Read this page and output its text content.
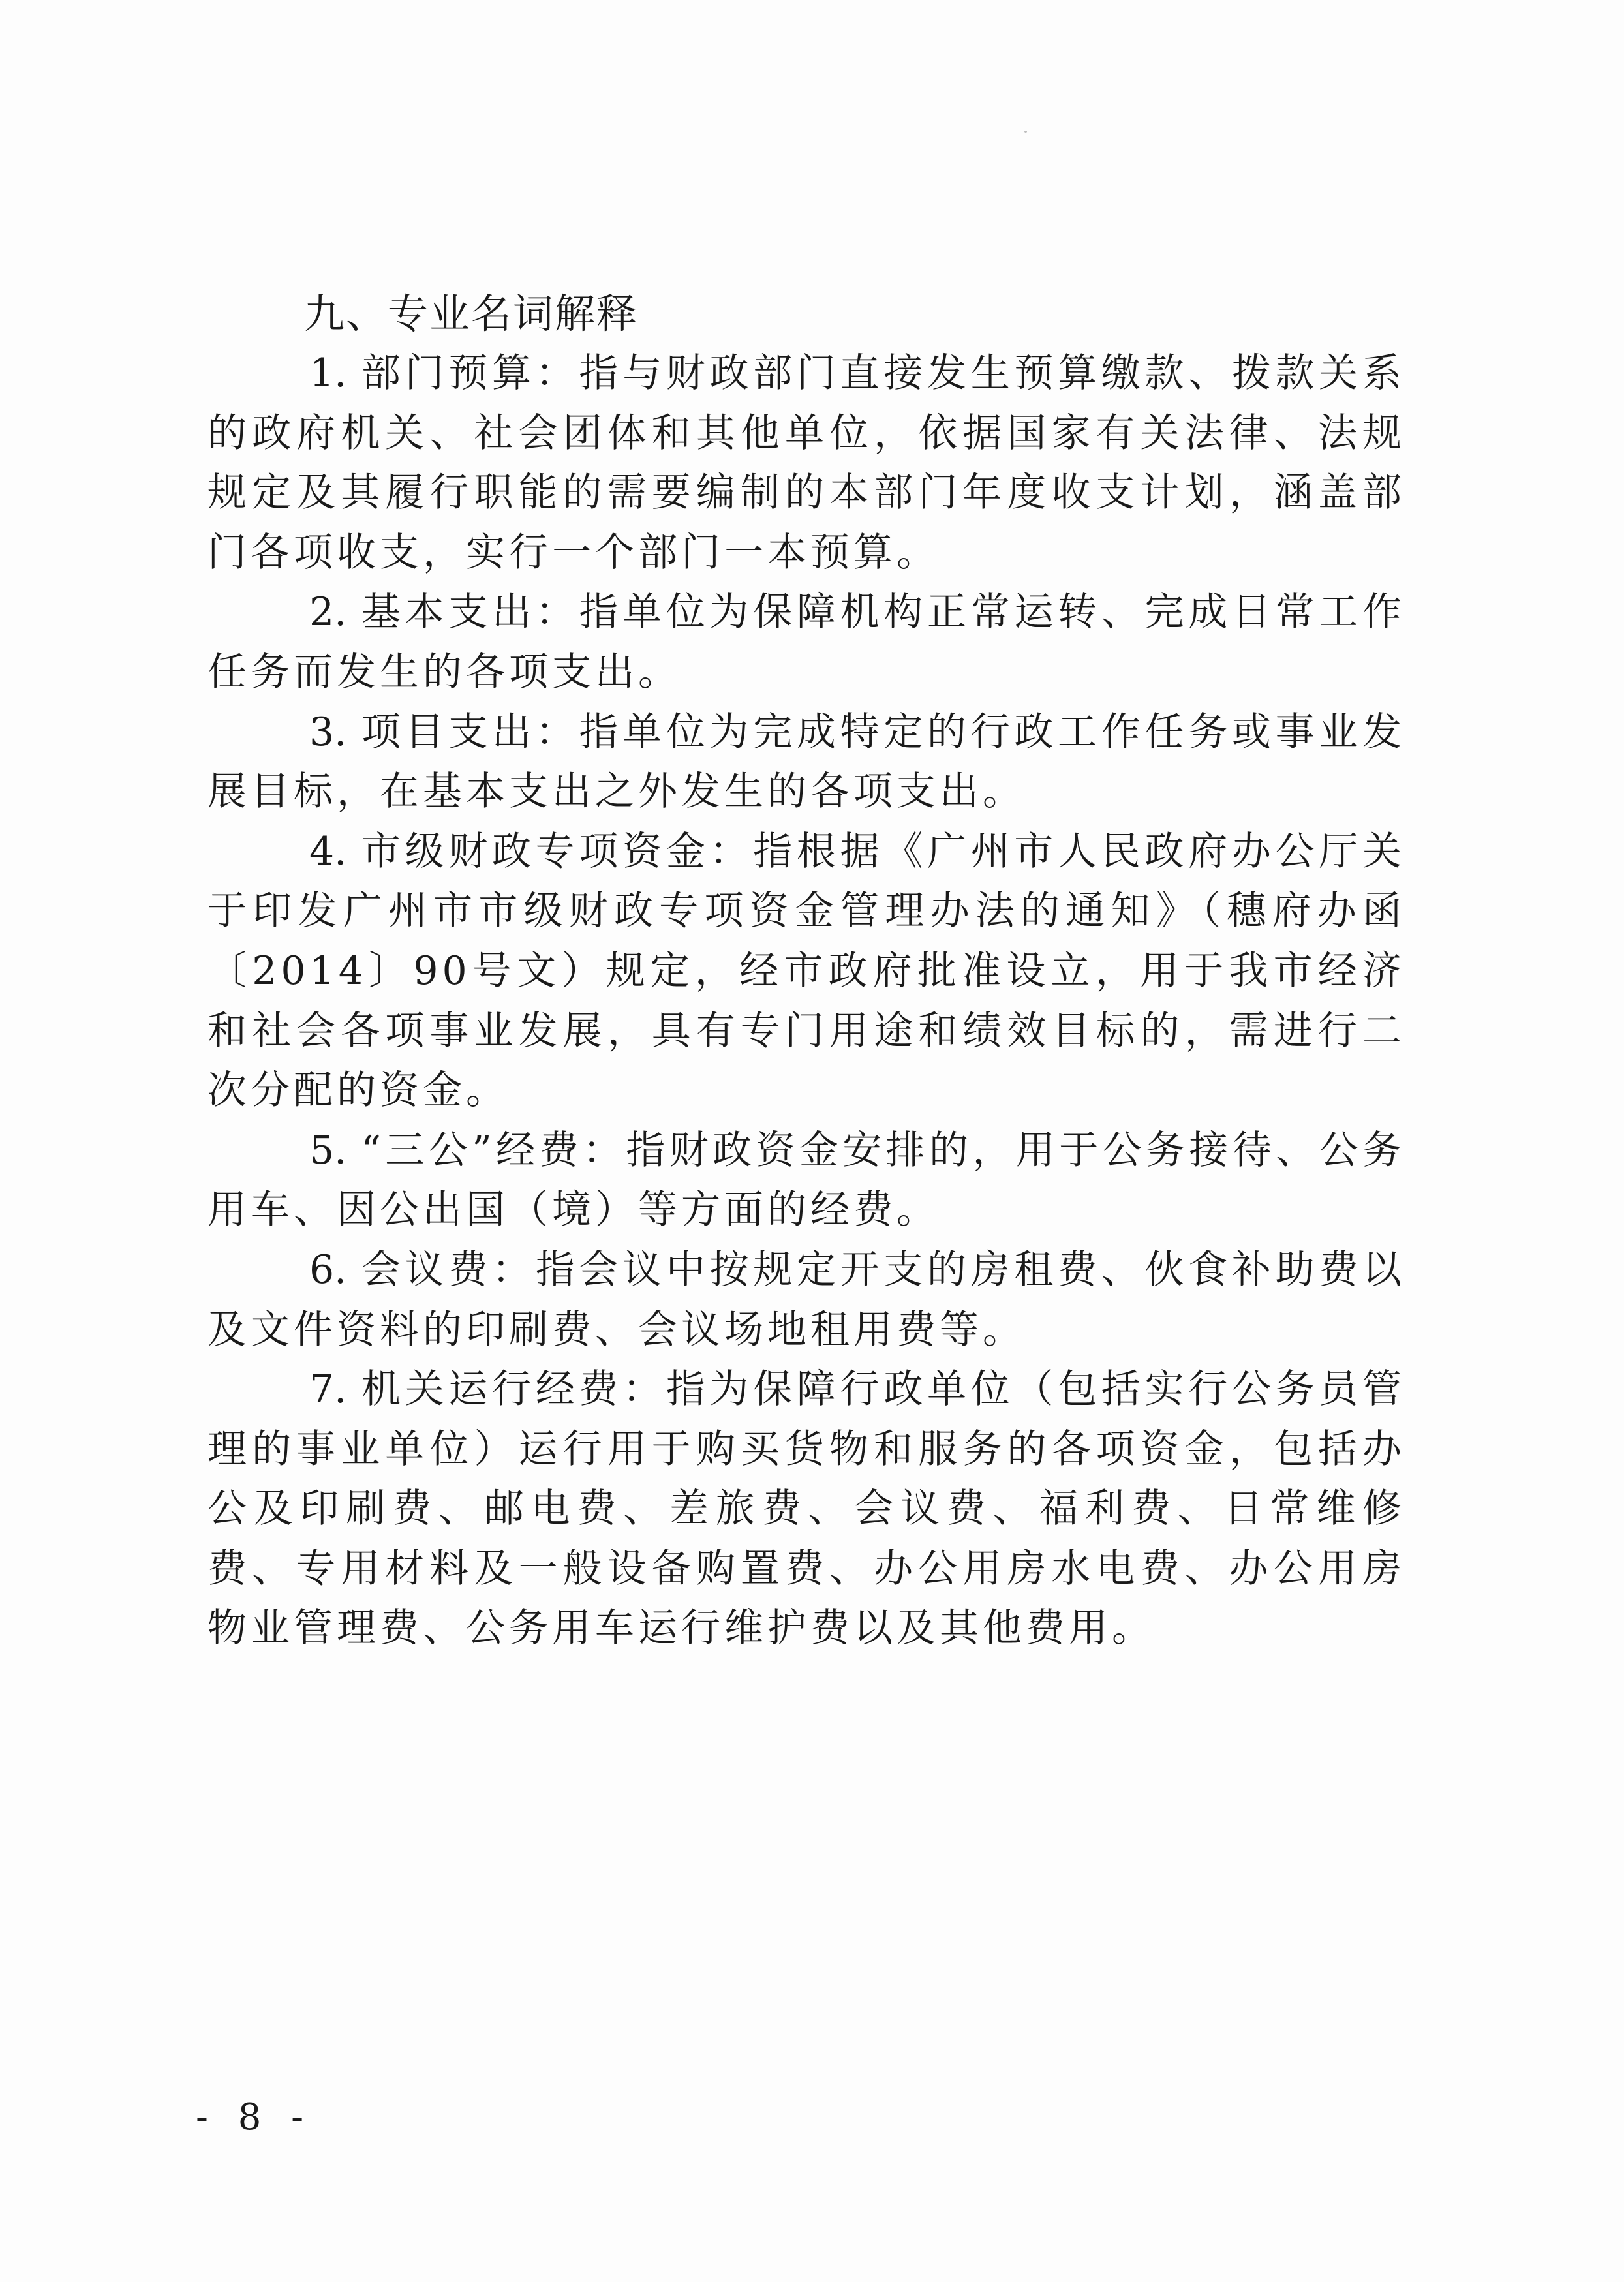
九、专业名词解释

1. 部门预算：指与财政部门直接发生预算缴款、拨款关系的政府机关、社会团体和其他单位，依据国家有关法律、法规规定及其履行职能的需要编制的本部门年度收支计划，涵盖部门各项收支，实行一个部门一本预算。

2. 基本支出：指单位为保障机构正常运转、完成日常工作任务而发生的各项支出。

3. 项目支出：指单位为完成特定的行政工作任务或事业发展目标，在基本支出之外发生的各项支出。

4. 市级财政专项资金：指根据《广州市人民政府办公厅关于印发广州市市级财政专项资金管理办法的通知》（穗府办函〔2014〕90号文）规定，经市政府批准设立，用于我市经济和社会各项事业发展，具有专门用途和绩效目标的，需进行二次分配的资金。

5. “三公”经费：指财政资金安排的，用于公务接待、公务用车、因公出国（境）等方面的经费。

6. 会议费：指会议中按规定开支的房租费、伙食补助费以及文件资料的印刷费、会议场地租用费等。

7. 机关运行经费：指为保障行政单位（包括实行公务员管理的事业单位）运行用于购买货物和服务的各项资金，包括办公及印刷费、邮电费、差旅费、会议费、福利费、日常维修费、专用材料及一般设备购置费、办公用房水电费、办公用房物业管理费、公务用车运行维护费以及其他费用。

- 8 -
